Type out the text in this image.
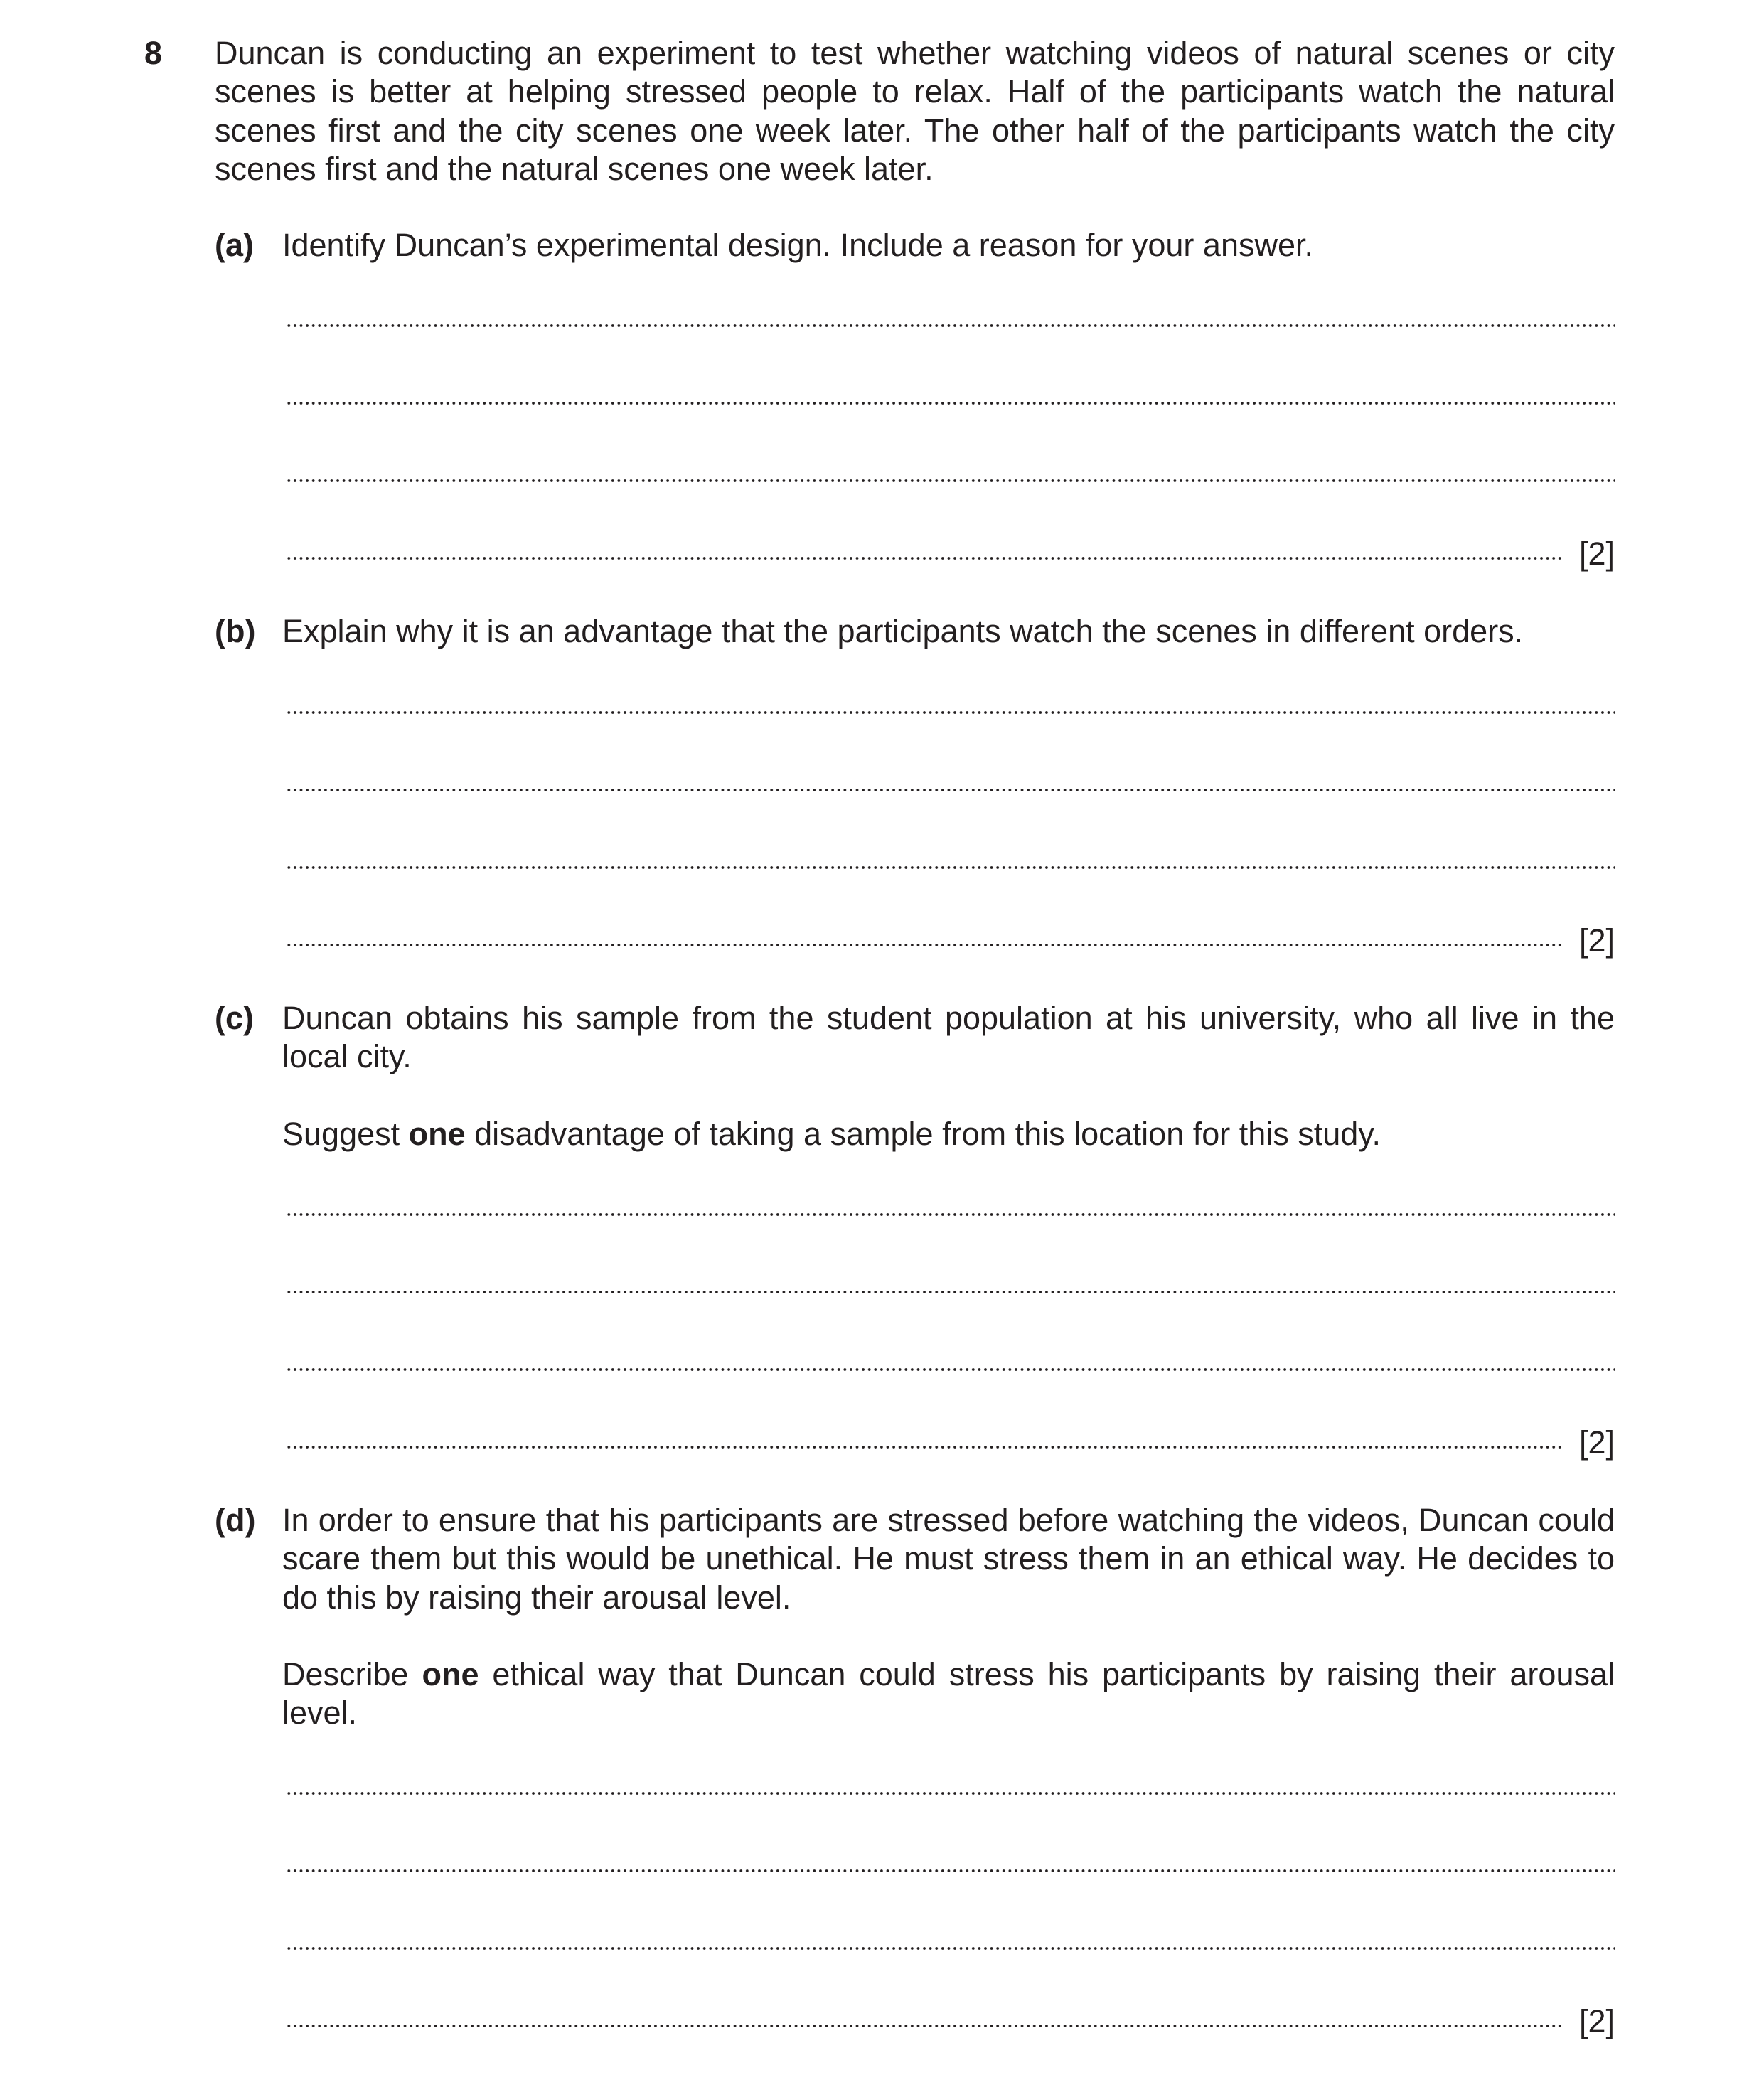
8 Duncan is conducting an experiment to test whether watching videos of natural scenes or city scenes is better at helping stressed people to relax. Half of the participants watch the natural scenes first and the city scenes one week later. The other half of the participants watch the city scenes first and the natural scenes one week later.
(a) Identify Duncan’s experimental design. Include a reason for your answer.
[2]
(b) Explain why it is an advantage that the participants watch the scenes in different orders.
[2]
(c) Duncan obtains his sample from the student population at his university, who all live in the local city.
Suggest one disadvantage of taking a sample from this location for this study.
[2]
(d) In order to ensure that his participants are stressed before watching the videos, Duncan could scare them but this would be unethical. He must stress them in an ethical way. He decides to do this by raising their arousal level.
Describe one ethical way that Duncan could stress his participants by raising their arousal level.
[2]
